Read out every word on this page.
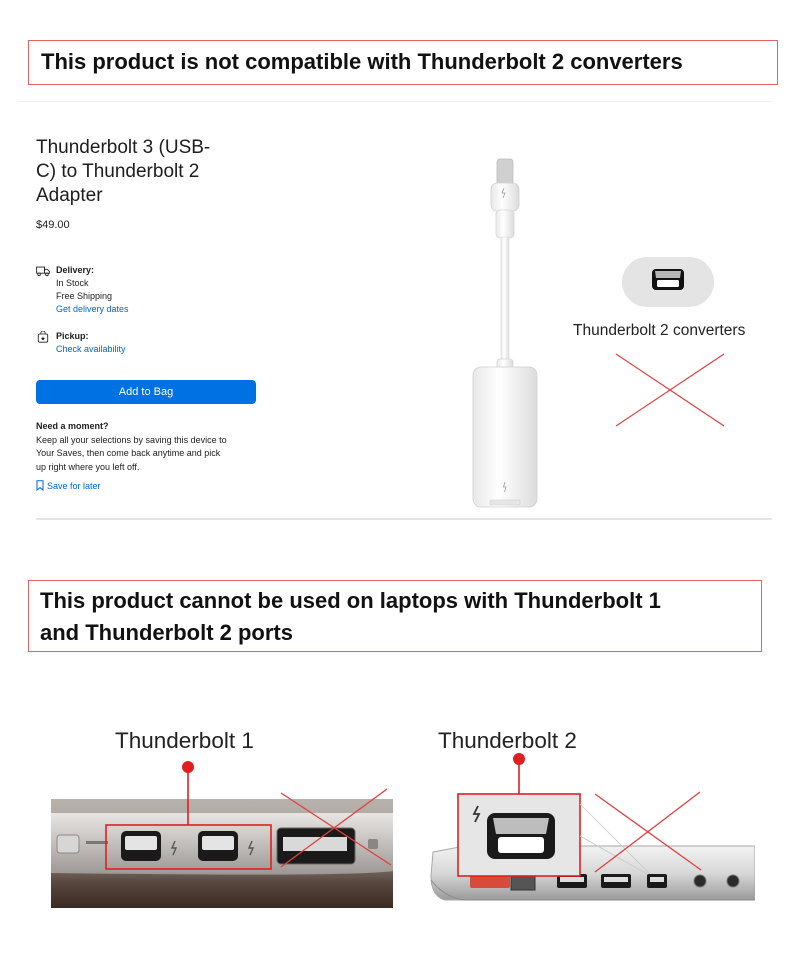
This product is not compatible with Thunderbolt 2 converters
Thunderbolt 3 (USB-
C) to Thunderbolt 2
Adapter
$49.00
Delivery:
In Stock
Free Shipping
Get delivery dates
Pickup:
Check availability
Add to Bag
Need a moment?
Keep all your selections by saving this device to
Your Saves, then come back anytime and pick
up right where you left off.
Save for later
Thunderbolt 2 converters
This product cannot be used on laptops with Thunderbolt 1
and Thunderbolt 2 ports
Thunderbolt 1	Thunderbolt 2
